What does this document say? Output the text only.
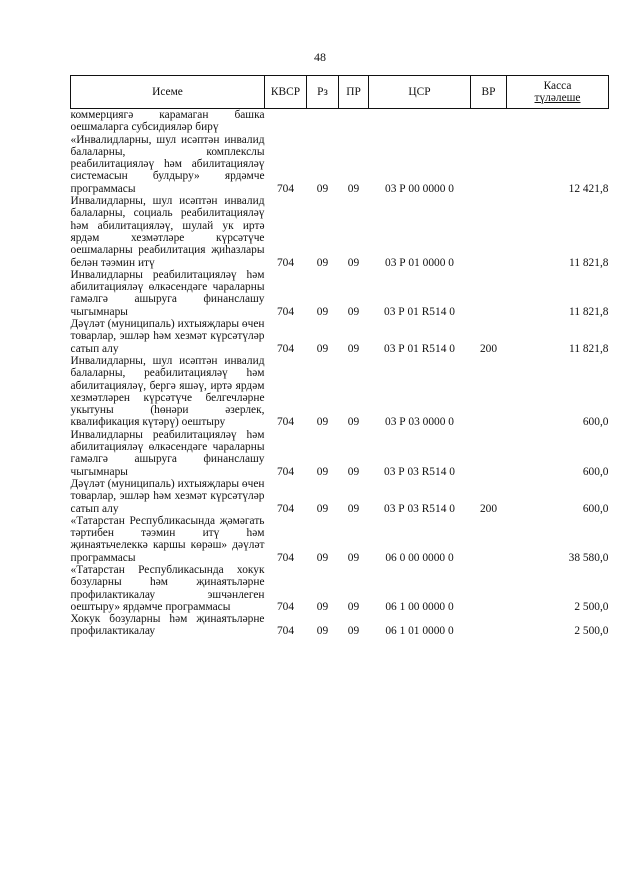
48
Исеме	КВСР	Рз	ПР	ЦСР	ВР	Касса
түләлеше

коммерциягә карамаган башка оешмаларга субсидияләр бирү						
«Инвалидларны, шул исәптән инвалид балаларны, комплекслы реабилитацияләү һәм абилитацияләү системасын булдыру» ярдәмче программасы	704	09	09	03 Р 00 0000 0		12 421,8
Инвалидларны, шул исәптән инвалид балаларны, социаль реабилитацияләү һәм абилитацияләү, шулай ук иртә ярдәм хезмәтләре күрсәтүче оешмаларны реабилитация җиһазлары белән тәэмин итү	704	09	09	03 Р 01 0000 0		11 821,8
Инвалидларны реабилитацияләү һәм абилитацияләү өлкәсендәге чараларны гамәлгә ашыруга финанслашу чыгымнары	704	09	09	03 Р 01 R514 0		11 821,8
Дәүләт (муниципаль) ихтыяҗлары өчен товарлар, эшләр һәм хезмәт күрсәтүләр сатып алу	704	09	09	03 Р 01 R514 0	200	11 821,8
Инвалидларны, шул исәптән инвалид балаларны, реабилитацияләү һәм абилитацияләү, бергә яшәү, иртә ярдәм хезмәтләрен күрсәтүче белгечләрне укытуны (һөнәри әзерлек, квалификация күтәрү) оештыру	704	09	09	03 Р 03 0000 0		600,0
Инвалидларны реабилитацияләү һәм абилитацияләү өлкәсендәге чараларны гамәлгә ашыруга финанслашу чыгымнары	704	09	09	03 Р 03 R514 0		600,0
Дәүләт (муниципаль) ихтыяҗлары өчен товарлар, эшләр һәм хезмәт күрсәтүләр сатып алу	704	09	09	03 Р 03 R514 0	200	600,0
«Татарстан Республикасында җәмәгать тәртибен тәэмин итү һәм җинаятьчелеккә каршы көрәш» дәүләт программасы	704	09	09	06 0 00 0000 0		38 580,0
«Татарстан Республикасында хокук бозуларны һәм җинаятьләрне профилактикалау эшчәнлеген оештыру» ярдәмче программасы	704	09	09	06 1 00 0000 0		2 500,0
Хокук бозуларны һәм җинаятьләрне профилактикалау	704	09	09	06 1 01 0000 0		2 500,0
